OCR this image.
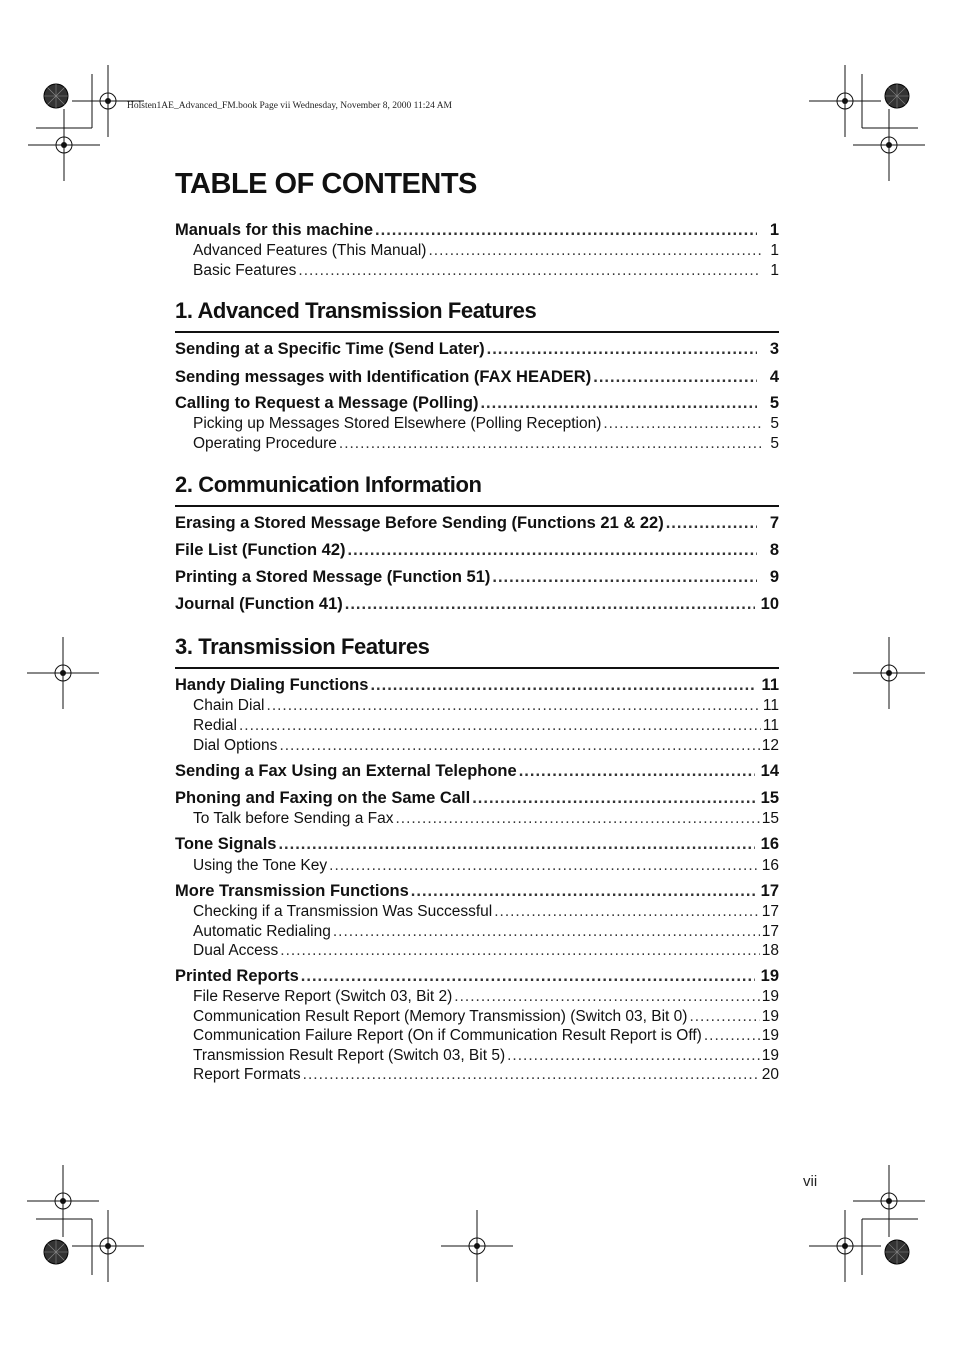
Holsten1AE_Advanced_FM.book Page vii Wednesday, November 8, 2000 11:24 AM
TABLE OF CONTENTS
Manuals for this machine .....	1
Advanced Features (This Manual) .....	1
Basic Features .....	1
Sending at a Specific Time (Send Later) .....	3
Sending messages with Identification (FAX HEADER) .....	4
Calling to Request a Message (Polling) .....	5
Picking up Messages Stored Elsewhere (Polling Reception) .....	5
Operating Procedure .....	5
Erasing a Stored Message Before Sending (Functions 21 & 22) .....	7
File List (Function 42) .....	8
Printing a Stored Message (Function 51) .....	9
Journal (Function 41) .....	10
Handy Dialing Functions .....	11
Chain Dial .....	11
Redial .....	11
Dial Options .....	12
Sending a Fax Using an External Telephone .....	14
Phoning and Faxing on the Same Call .....	15
To Talk before Sending a Fax .....	15
Tone Signals .....	16
Using the Tone Key .....	16
More Transmission Functions .....	17
Checking if a Transmission Was Successful .....	17
Automatic Redialing .....	17
Dual Access .....	18
Printed Reports .....	19
File Reserve Report (Switch 03, Bit 2) .....	19
Communication Result Report (Memory Transmission) (Switch 03, Bit 0) .....	19
Communication Failure Report (On if Communication Result Report is Off) .....	19
Transmission Result Report (Switch 03, Bit 5) .....	19
Report Formats .....	20
1. Advanced Transmission Features
2. Communication Information
3. Transmission Features
vii
